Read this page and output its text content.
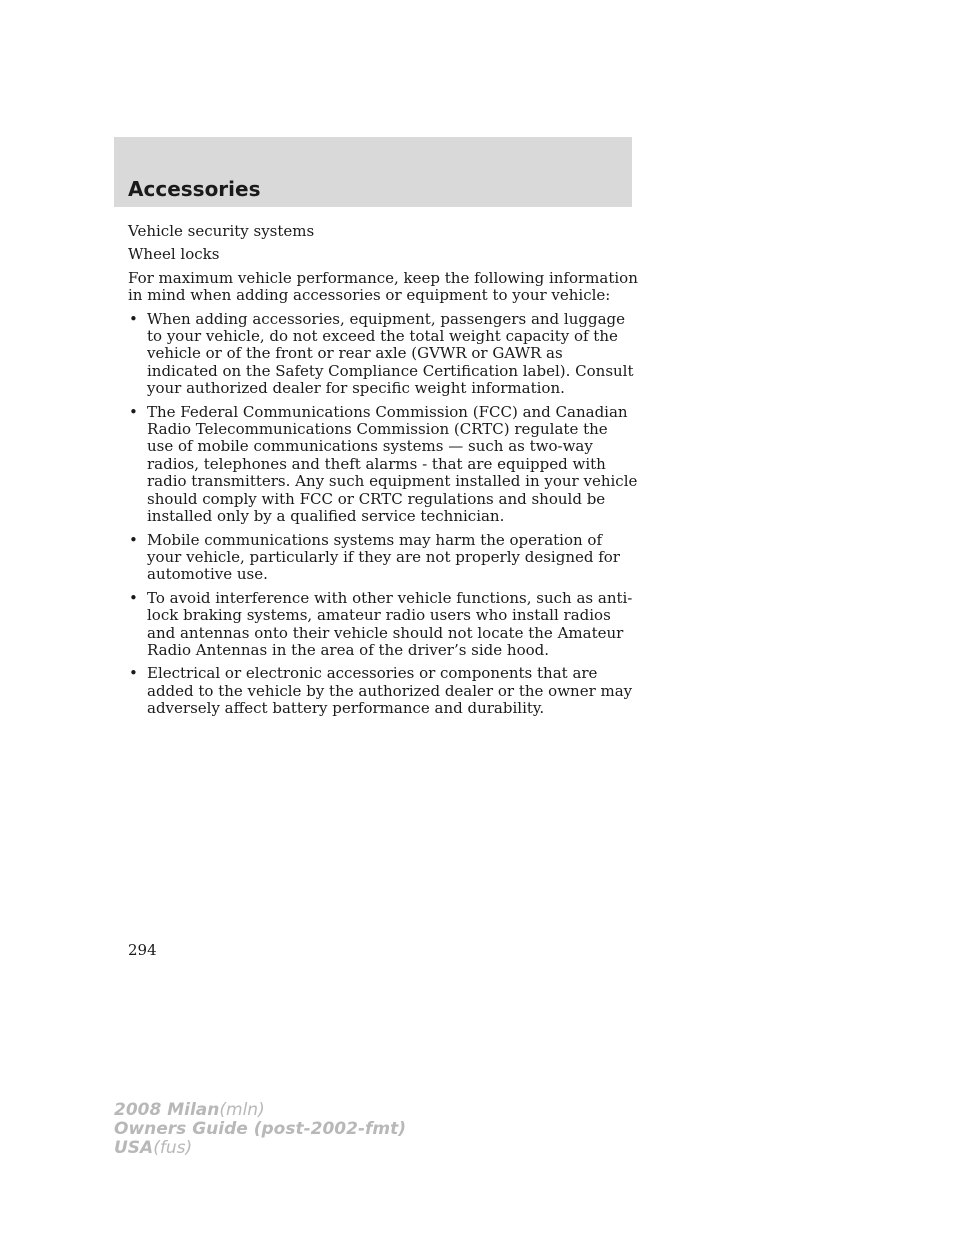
Accessories

Vehicle security systems

Wheel locks

For maximum vehicle performance, keep the following information in mind when adding accessories or equipment to your vehicle:

• When adding accessories, equipment, passengers and luggage to your vehicle, do not exceed the total weight capacity of the vehicle or of the front or rear axle (GVWR or GAWR as indicated on the Safety Compliance Certification label). Consult your authorized dealer for specific weight information.
• The Federal Communications Commission (FCC) and Canadian Radio Telecommunications Commission (CRTC) regulate the use of mobile communications systems — such as two-way radios, telephones and theft alarms - that are equipped with radio transmitters. Any such equipment installed in your vehicle should comply with FCC or CRTC regulations and should be installed only by a qualified service technician.
• Mobile communications systems may harm the operation of your vehicle, particularly if they are not properly designed for automotive use.
• To avoid interference with other vehicle functions, such as anti-lock braking systems, amateur radio users who install radios and antennas onto their vehicle should not locate the Amateur Radio Antennas in the area of the driver’s side hood.
• Electrical or electronic accessories or components that are added to the vehicle by the authorized dealer or the owner may adversely affect battery performance and durability.
294
2008 Milan(mln)
Owners Guide (post-2002-fmt)
USA(fus)
